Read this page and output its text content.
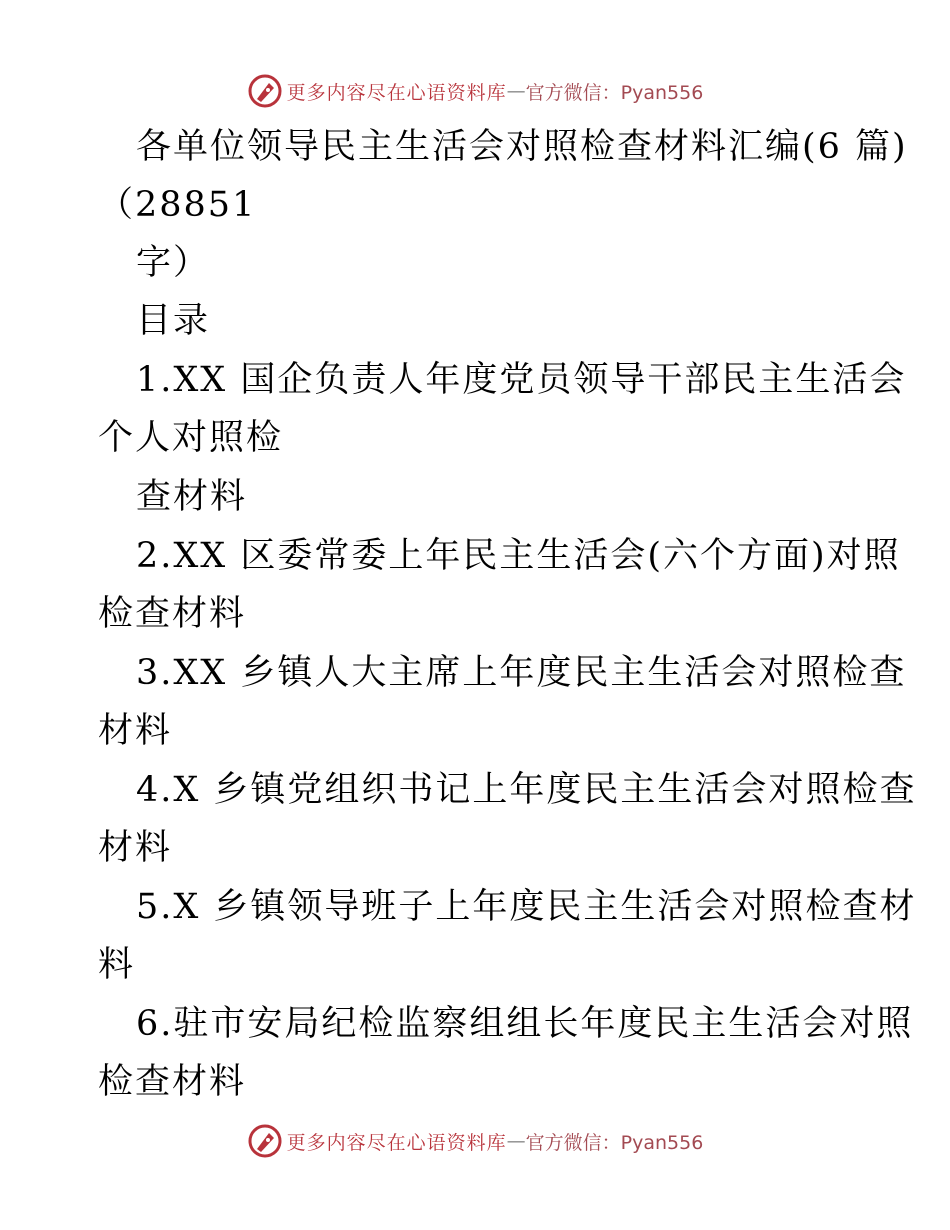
更多内容尽在心语资料库 — 官方微信：Pyan556
各单位领导民主生活会对照检查材料汇编(6 篇)
（28851
字）
目录
1.XX 国企负责人年度党员领导干部民主生活会
个人对照检
查材料
2.XX 区委常委上年民主生活会(六个方面)对照
检查材料
3.XX 乡镇人大主席上年度民主生活会对照检查
材料
4.X 乡镇党组织书记上年度民主生活会对照检查
材料
5.X 乡镇领导班子上年度民主生活会对照检查材
料
6.驻市安局纪检监察组组长年度民主生活会对照
检查材料
更多内容尽在心语资料库 — 官方微信：Pyan556
